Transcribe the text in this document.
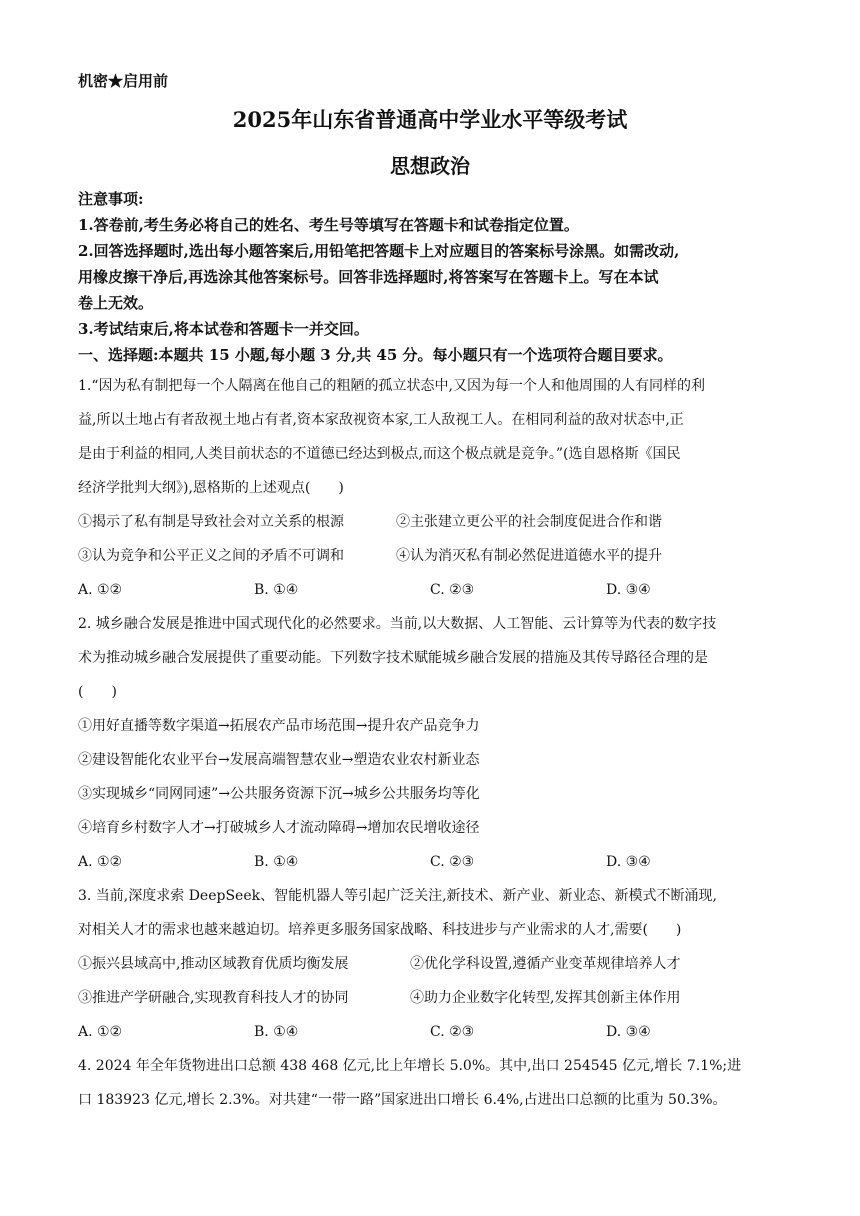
机密★启用前
2025年山东省普通高中学业水平等级考试
思想政治
注意事项:
1.答卷前,考生务必将自己的姓名、考生号等填写在答题卡和试卷指定位置。
2.回答选择题时,选出每小题答案后,用铅笔把答题卡上对应题目的答案标号涂黑。如需改动,
用橡皮擦干净后,再选涂其他答案标号。回答非选择题时,将答案写在答题卡上。写在本试
卷上无效。
3.考试结束后,将本试卷和答题卡一并交回。
一、选择题:本题共 15 小题,每小题 3 分,共 45 分。每小题只有一个选项符合题目要求。
1.“因为私有制把每一个人隔离在他自己的粗陋的孤立状态中,又因为每一个人和他周围的人有同样的利
益,所以土地占有者敌视土地占有者,资本家敌视资本家,工人敌视工人。在相同利益的敌对状态中,正
是由于利益的相同,人类目前状态的不道德已经达到极点,而这个极点就是竞争。”(选自恩格斯《国民
经济学批判大纲》),恩格斯的上述观点(　　)
①揭示了私有制是导致社会对立关系的根源	②主张建立更公平的社会制度促进合作和谐
③认为竞争和公平正义之间的矛盾不可调和	④认为消灭私有制必然促进道德水平的提升
A. ①②	B. ①④	C. ②③	D. ③④
2. 城乡融合发展是推进中国式现代化的必然要求。当前,以大数据、人工智能、云计算等为代表的数字技
术为推动城乡融合发展提供了重要动能。下列数字技术赋能城乡融合发展的措施及其传导路径合理的是
(　　)
①用好直播等数字渠道→拓展农产品市场范围→提升农产品竞争力
②建设智能化农业平台→发展高端智慧农业→塑造农业农村新业态
③实现城乡“同网同速”→公共服务资源下沉→城乡公共服务均等化
④培育乡村数字人才→打破城乡人才流动障碍→增加农民增收途径
A. ①②	B. ①④	C. ②③	D. ③④
3. 当前,深度求索 DeepSeek、智能机器人等引起广泛关注,新技术、新产业、新业态、新模式不断涌现,
对相关人才的需求也越来越迫切。培养更多服务国家战略、科技进步与产业需求的人才,需要(　　)
①振兴县域高中,推动区域教育优质均衡发展	②优化学科设置,遵循产业变革规律培养人才
③推进产学研融合,实现教育科技人才的协同	④助力企业数字化转型,发挥其创新主体作用
A. ①②	B. ①④	C. ②③	D. ③④
4. 2024 年全年货物进出口总额 438 468 亿元,比上年增长 5.0%。其中,出口 254545 亿元,增长 7.1%;进
口 183923 亿元,增长 2.3%。对共建“一带一路”国家进出口增长 6.4%,占进出口总额的比重为 50.3%。
